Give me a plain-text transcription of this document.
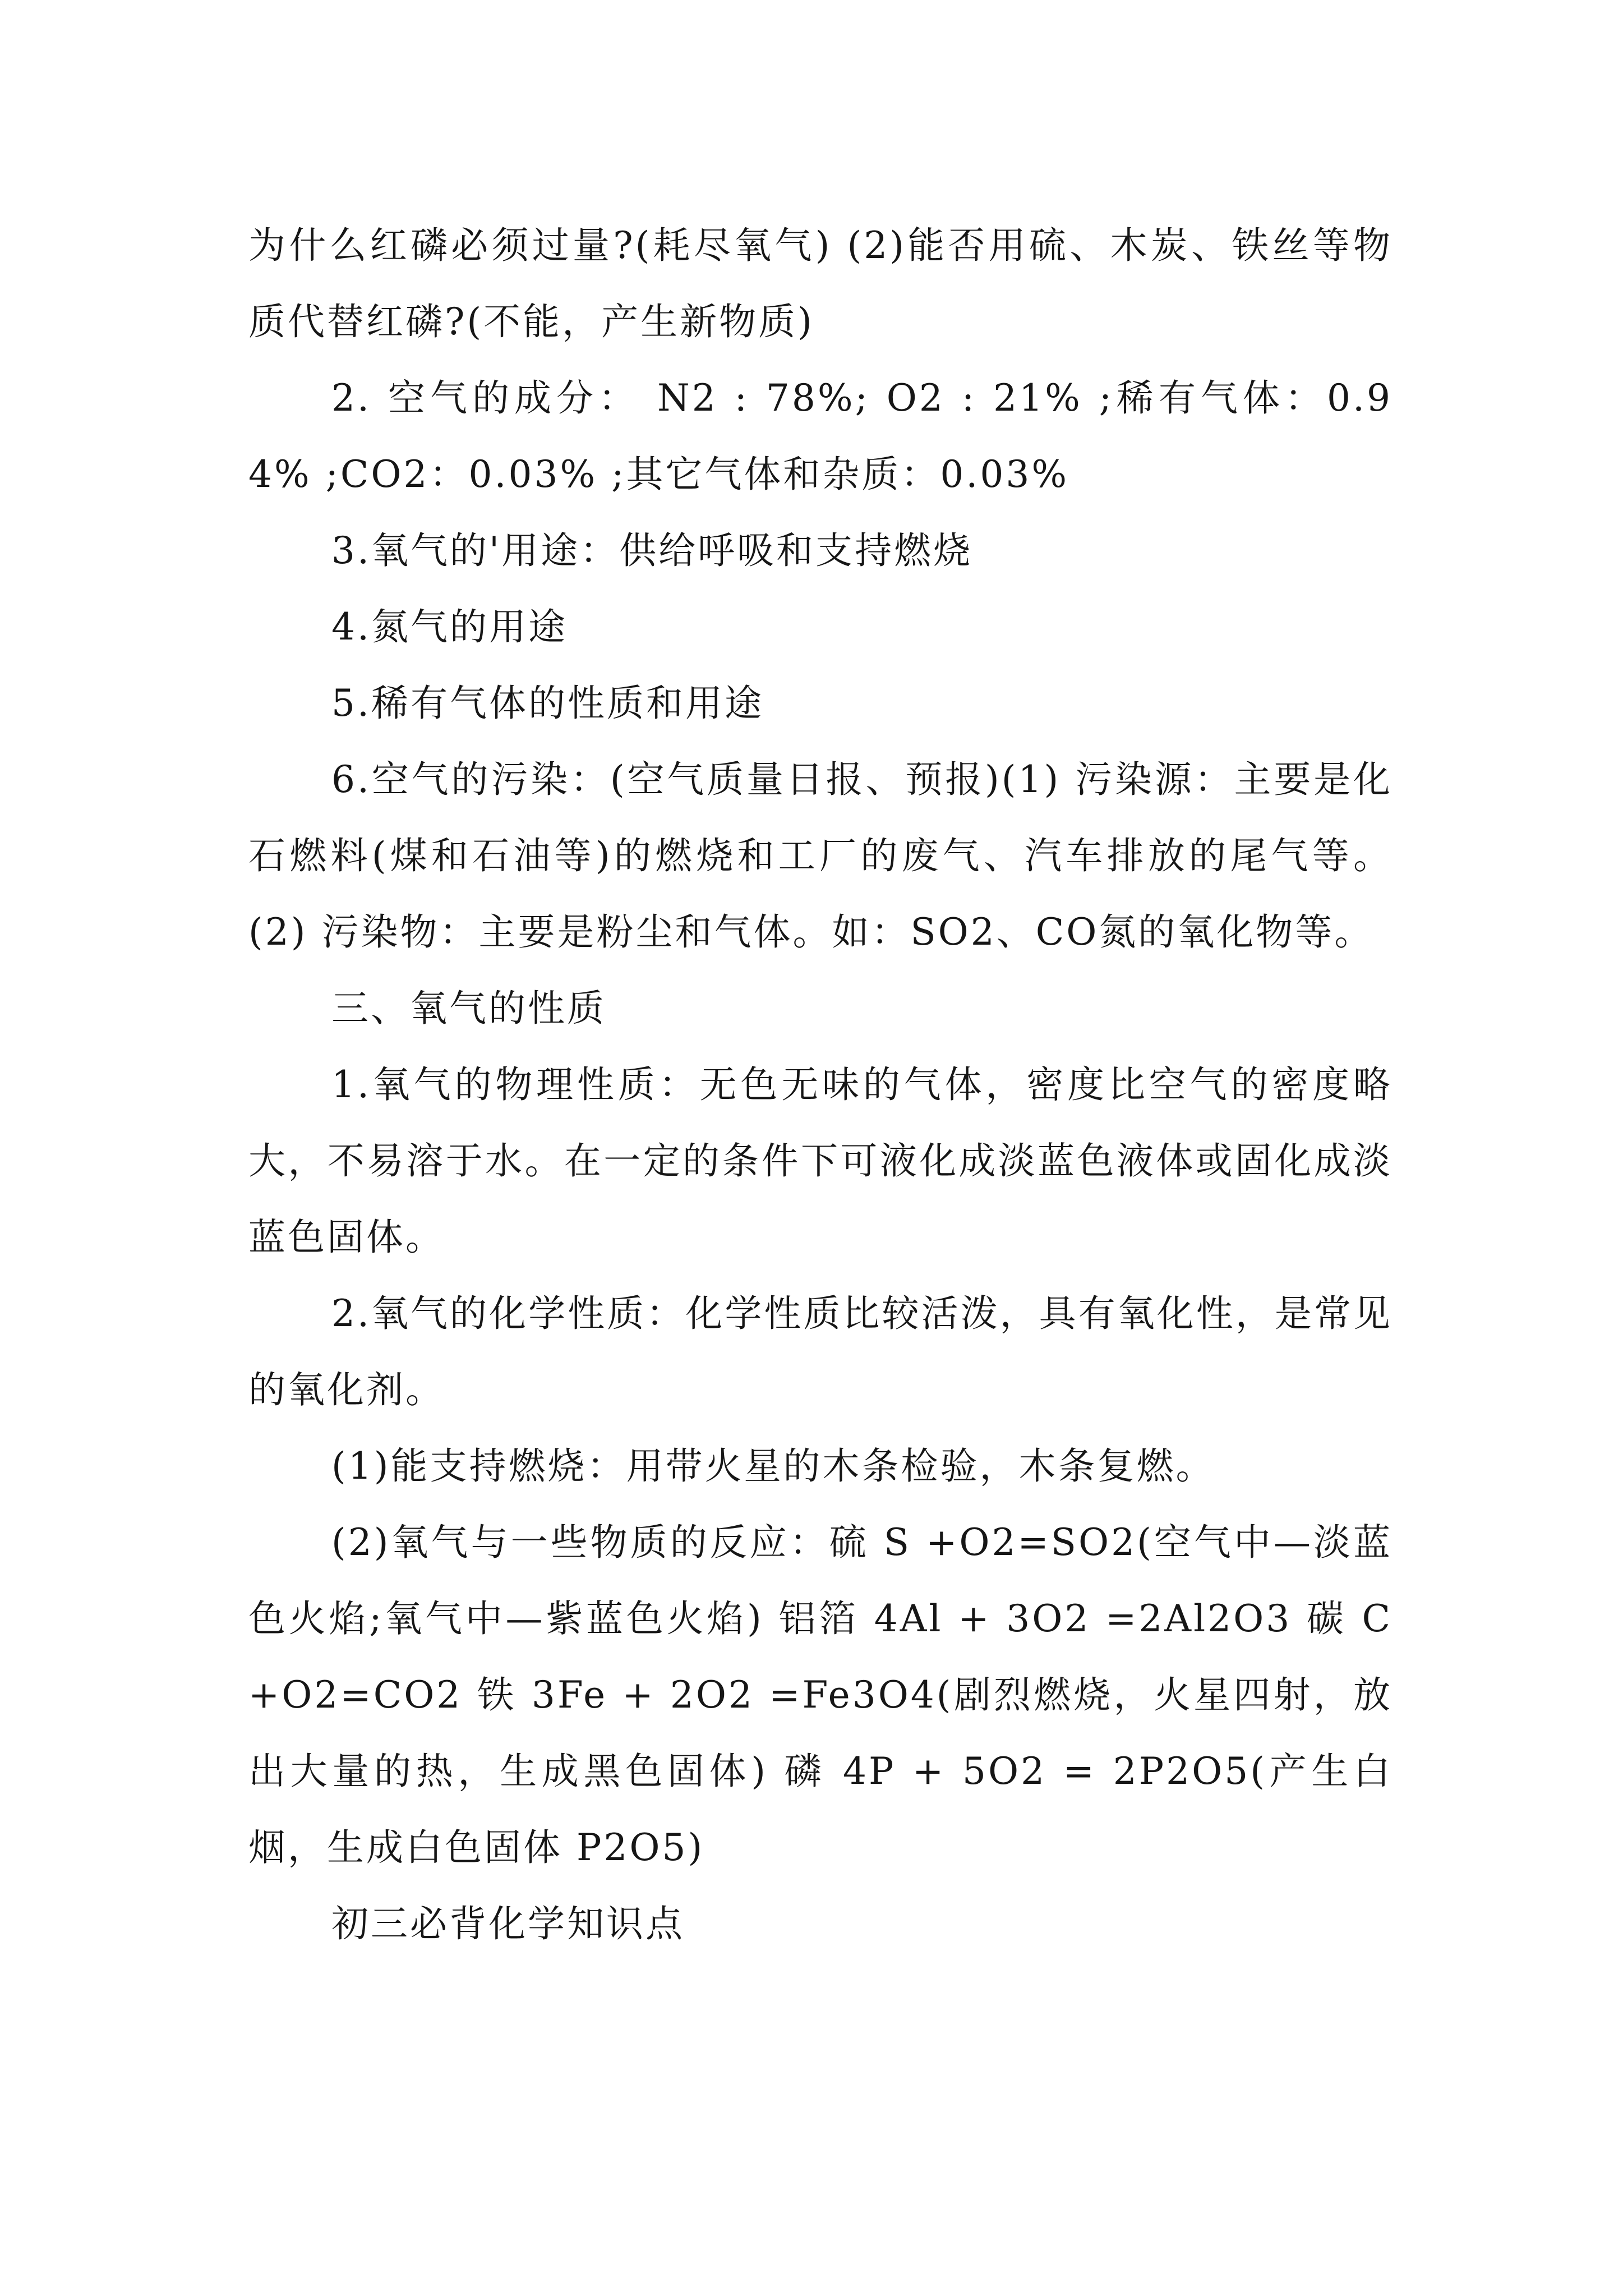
为什么红磷必须过量?(耗尽氧气) (2)能否用硫、木炭、铁丝等物质代替红磷?(不能，产生新物质)

2. 空气的成分： N2 : 78%; O2 : 21% ;稀有气体：0.94% ;CO2：0.03% ;其它气体和杂质：0.03%

3.氧气的'用途：供给呼吸和支持燃烧

4.氮气的用途

5.稀有气体的性质和用途

6.空气的污染：(空气质量日报、预报)(1) 污染源：主要是化石燃料(煤和石油等)的燃烧和工厂的废气、汽车排放的尾气等。(2) 污染物：主要是粉尘和气体。如：SO2、CO氮的氧化物等。

三、氧气的性质

1.氧气的物理性质：无色无味的气体，密度比空气的密度略大，不易溶于水。在一定的条件下可液化成淡蓝色液体或固化成淡蓝色固体。

2.氧气的化学性质：化学性质比较活泼，具有氧化性，是常见的氧化剂。

(1)能支持燃烧：用带火星的木条检验，木条复燃。

(2)氧气与一些物质的反应：硫 S +O2=SO2(空气中—淡蓝色火焰;氧气中—紫蓝色火焰) 铝箔 4Al + 3O2 =2Al2O3 碳 C+O2=CO2 铁 3Fe + 2O2 =Fe3O4(剧烈燃烧，火星四射，放出大量的热，生成黑色固体) 磷 4P + 5O2 = 2P2O5(产生白烟，生成白色固体 P2O5)

初三必背化学知识点
